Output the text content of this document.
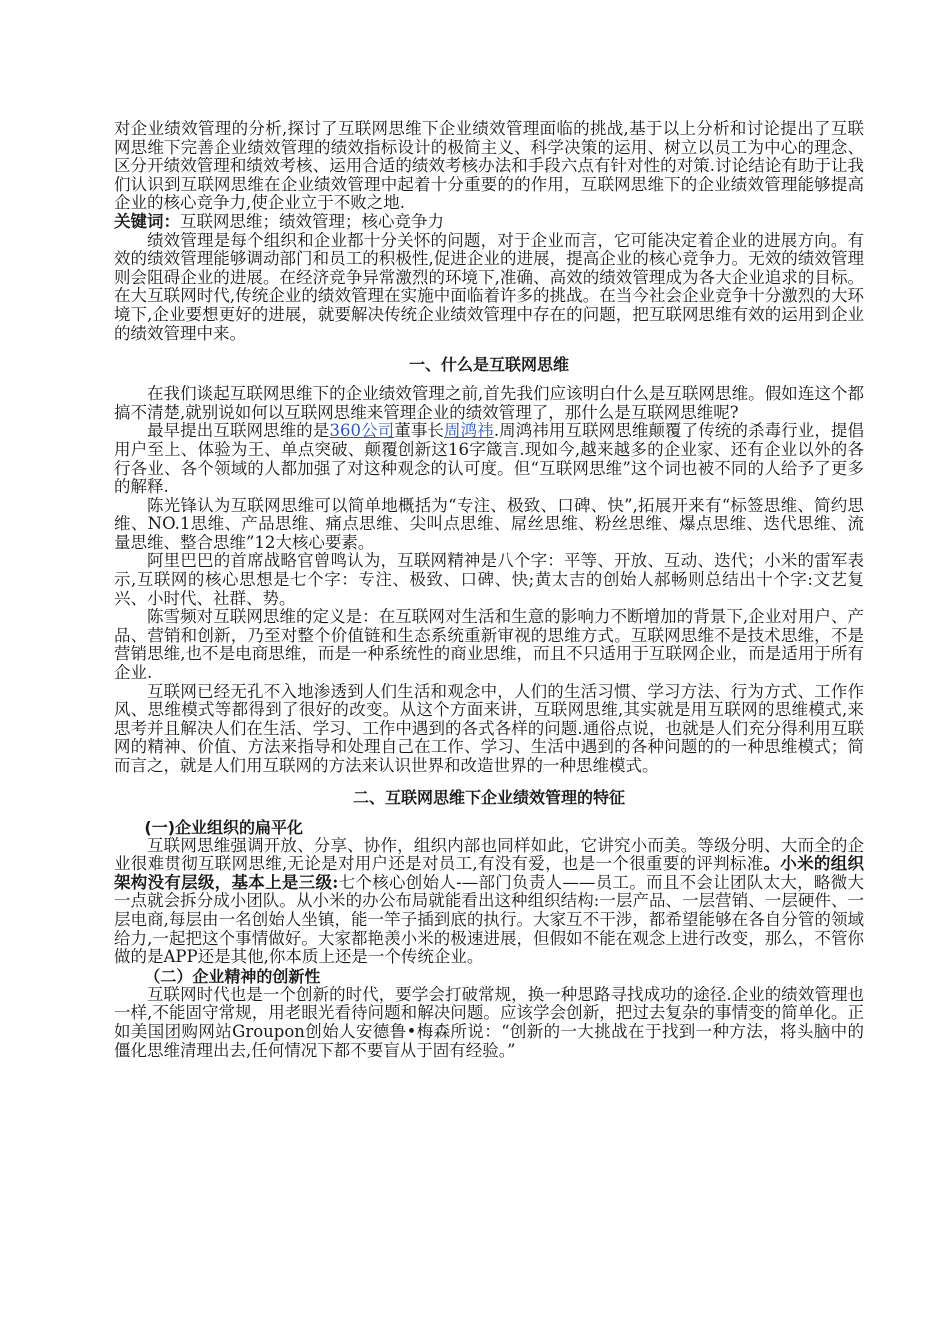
对企业绩效管理的分析,探讨了互联网思维下企业绩效管理面临的挑战,基于以上分析和讨论提出了互联网思维下完善企业绩效管理的绩效指标设计的极简主义、科学决策的运用、树立以员工为中心的理念、区分开绩效管理和绩效考核、运用合适的绩效考核办法和手段六点有针对性的对策.讨论结论有助于让我们认识到互联网思维在企业绩效管理中起着十分重要的的作用，互联网思维下的企业绩效管理能够提高企业的核心竞争力,使企业立于不败之地.

关键词：互联网思维；绩效管理；核心竞争力

绩效管理是每个组织和企业都十分关怀的问题，对于企业而言，它可能决定着企业的进展方向。有效的绩效管理能够调动部门和员工的积极性,促进企业的进展，提高企业的核心竞争力。无效的绩效管理则会阻碍企业的进展。在经济竞争异常激烈的环境下,准确、高效的绩效管理成为各大企业追求的目标。在大互联网时代,传统企业的绩效管理在实施中面临着许多的挑战。在当今社会企业竞争十分激烈的大环境下,企业要想更好的进展，就要解决传统企业绩效管理中存在的问题，把互联网思维有效的运用到企业的绩效管理中来。

一、什么是互联网思维

在我们谈起互联网思维下的企业绩效管理之前,首先我们应该明白什么是互联网思维。假如连这个都搞不清楚,就别说如何以互联网思维来管理企业的绩效管理了，那什么是互联网思维呢?

最早提出互联网思维的是360公司董事长周鸿祎.周鸿祎用互联网思维颠覆了传统的杀毒行业，提倡用户至上、体验为王、单点突破、颠覆创新这16字箴言.现如今,越来越多的企业家、还有企业以外的各行各业、各个领域的人都加强了对这种观念的认可度。但“互联网思维”这个词也被不同的人给予了更多的解释.

陈光锋认为互联网思维可以简单地概括为“专注、极致、口碑、快”,拓展开来有“标签思维、简约思维、NO.1思维、产品思维、痛点思维、尖叫点思维、屌丝思维、粉丝思维、爆点思维、迭代思维、流量思维、整合思维”12大核心要素。

阿里巴巴的首席战略官曾鸣认为，互联网精神是八个字：平等、开放、互动、迭代；小米的雷军表示,互联网的核心思想是七个字：专注、极致、口碑、快;黄太吉的创始人郝畅则总结出十个字:文艺复兴、小时代、社群、势。

陈雪频对互联网思维的定义是：在互联网对生活和生意的影响力不断增加的背景下,企业对用户、产品、营销和创新，乃至对整个价值链和生态系统重新审视的思维方式。互联网思维不是技术思维，不是营销思维,也不是电商思维，而是一种系统性的商业思维，而且不只适用于互联网企业，而是适用于所有企业.

互联网已经无孔不入地渗透到人们生活和观念中，人们的生活习惯、学习方法、行为方式、工作作风、思维模式等都得到了很好的改变。从这个方面来讲，互联网思维,其实就是用互联网的思维模式,来思考并且解决人们在生活、学习、工作中遇到的各式各样的问题.通俗点说，也就是人们充分得利用互联网的精神、价值、方法来指导和处理自己在工作、学习、生活中遇到的各种问题的的一种思维模式；简而言之，就是人们用互联网的方法来认识世界和改造世界的一种思维模式。

二、互联网思维下企业绩效管理的特征
(一)企业组织的扁平化

互联网思维强调开放、分享、协作，组织内部也同样如此，它讲究小而美。等级分明、大而全的企业很难贯彻互联网思维,无论是对用户还是对员工,有没有爱，也是一个很重要的评判标准。小米的组织架构没有层级，基本上是三级:七个核心创始人-—部门负责人——员工。而且不会让团队太大，略微大一点就会拆分成小团队。从小米的办公布局就能看出这种组织结构:一层产品、一层营销、一层硬件、一层电商,每层由一名创始人坐镇，能一竿子插到底的执行。大家互不干涉，都希望能够在各自分管的领域给力,一起把这个事情做好。大家都艳羡小米的极速进展，但假如不能在观念上进行改变，那么，不管你做的是APP还是其他,你本质上还是一个传统企业。

（二）企业精神的创新性

互联网时代也是一个创新的时代，要学会打破常规，换一种思路寻找成功的途径.企业的绩效管理也一样,不能固守常规，用老眼光看待问题和解决问题。应该学会创新，把过去复杂的事情变的简单化。正如美国团购网站Groupon创始人安德鲁•梅森所说：“创新的一大挑战在于找到一种方法，将头脑中的僵化思维清理出去,任何情况下都不要盲从于固有经验。”
